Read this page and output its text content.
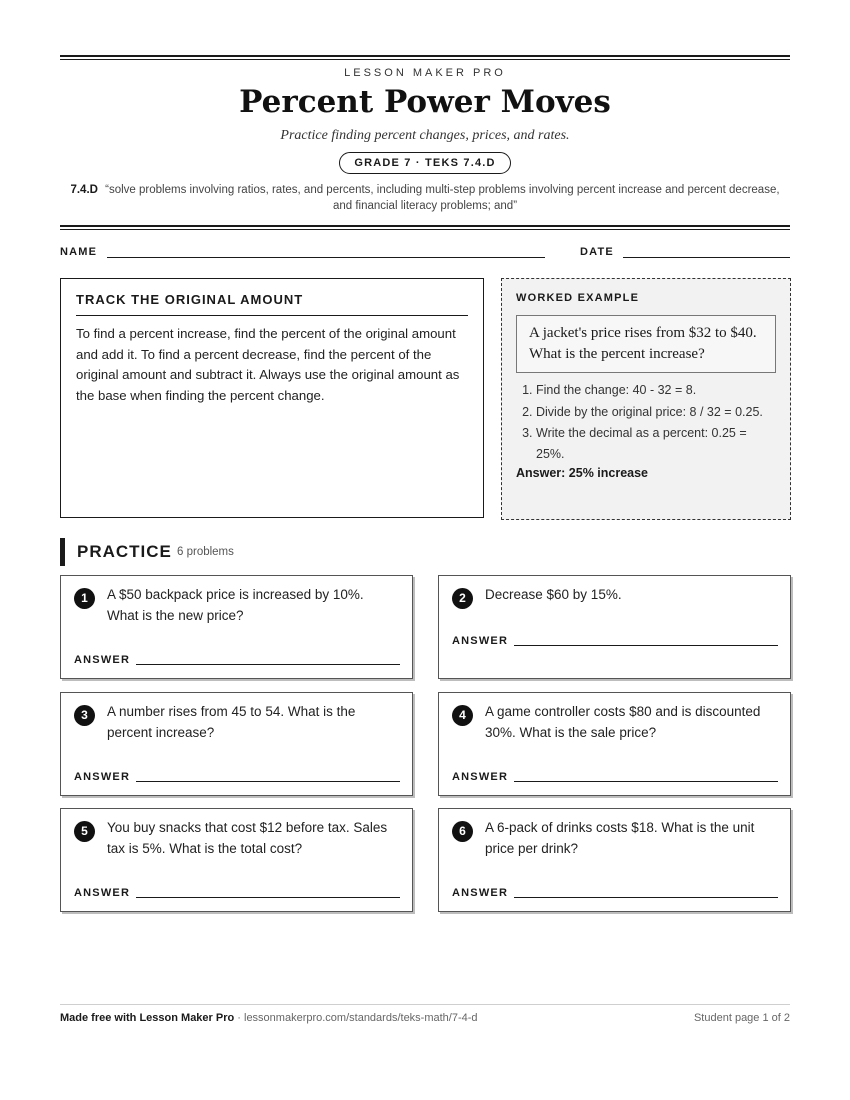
LESSON MAKER PRO
Percent Power Moves
Practice finding percent changes, prices, and rates.
GRADE 7 · TEKS 7.4.D
7.4.D “solve problems involving ratios, rates, and percents, including multi-step problems involving percent increase and percent decrease, and financial literacy problems; and”
NAME	DATE
TRACK THE ORIGINAL AMOUNT

To find a percent increase, find the percent of the original amount and add it. To find a percent decrease, find the percent of the original amount and subtract it. Always use the original amount as the base when finding the percent change.

WORKED EXAMPLE
A jacket's price rises from $32 to $40. What is the percent increase?
1. Find the change: 40 - 32 = 8.
2. Divide by the original price: 8 / 32 = 0.25.
3. Write the decimal as a percent: 0.25 = 25%.
Answer: 25% increase
PRACTICE 6 problems
1	A $50 backpack price is increased by 10%. What is the new price?
ANSWER
2	Decrease $60 by 15%.
ANSWER
3	A number rises from 45 to 54. What is the percent increase?
ANSWER
4	A game controller costs $80 and is discounted 30%. What is the sale price?
ANSWER
5	You buy snacks that cost $12 before tax. Sales tax is 5%. What is the total cost?
ANSWER
6	A 6-pack of drinks costs $18. What is the unit price per drink?
ANSWER
Made free with Lesson Maker Pro · lessonmakerpro.com/standards/teks-math/7-4-d	Student page 1 of 2
